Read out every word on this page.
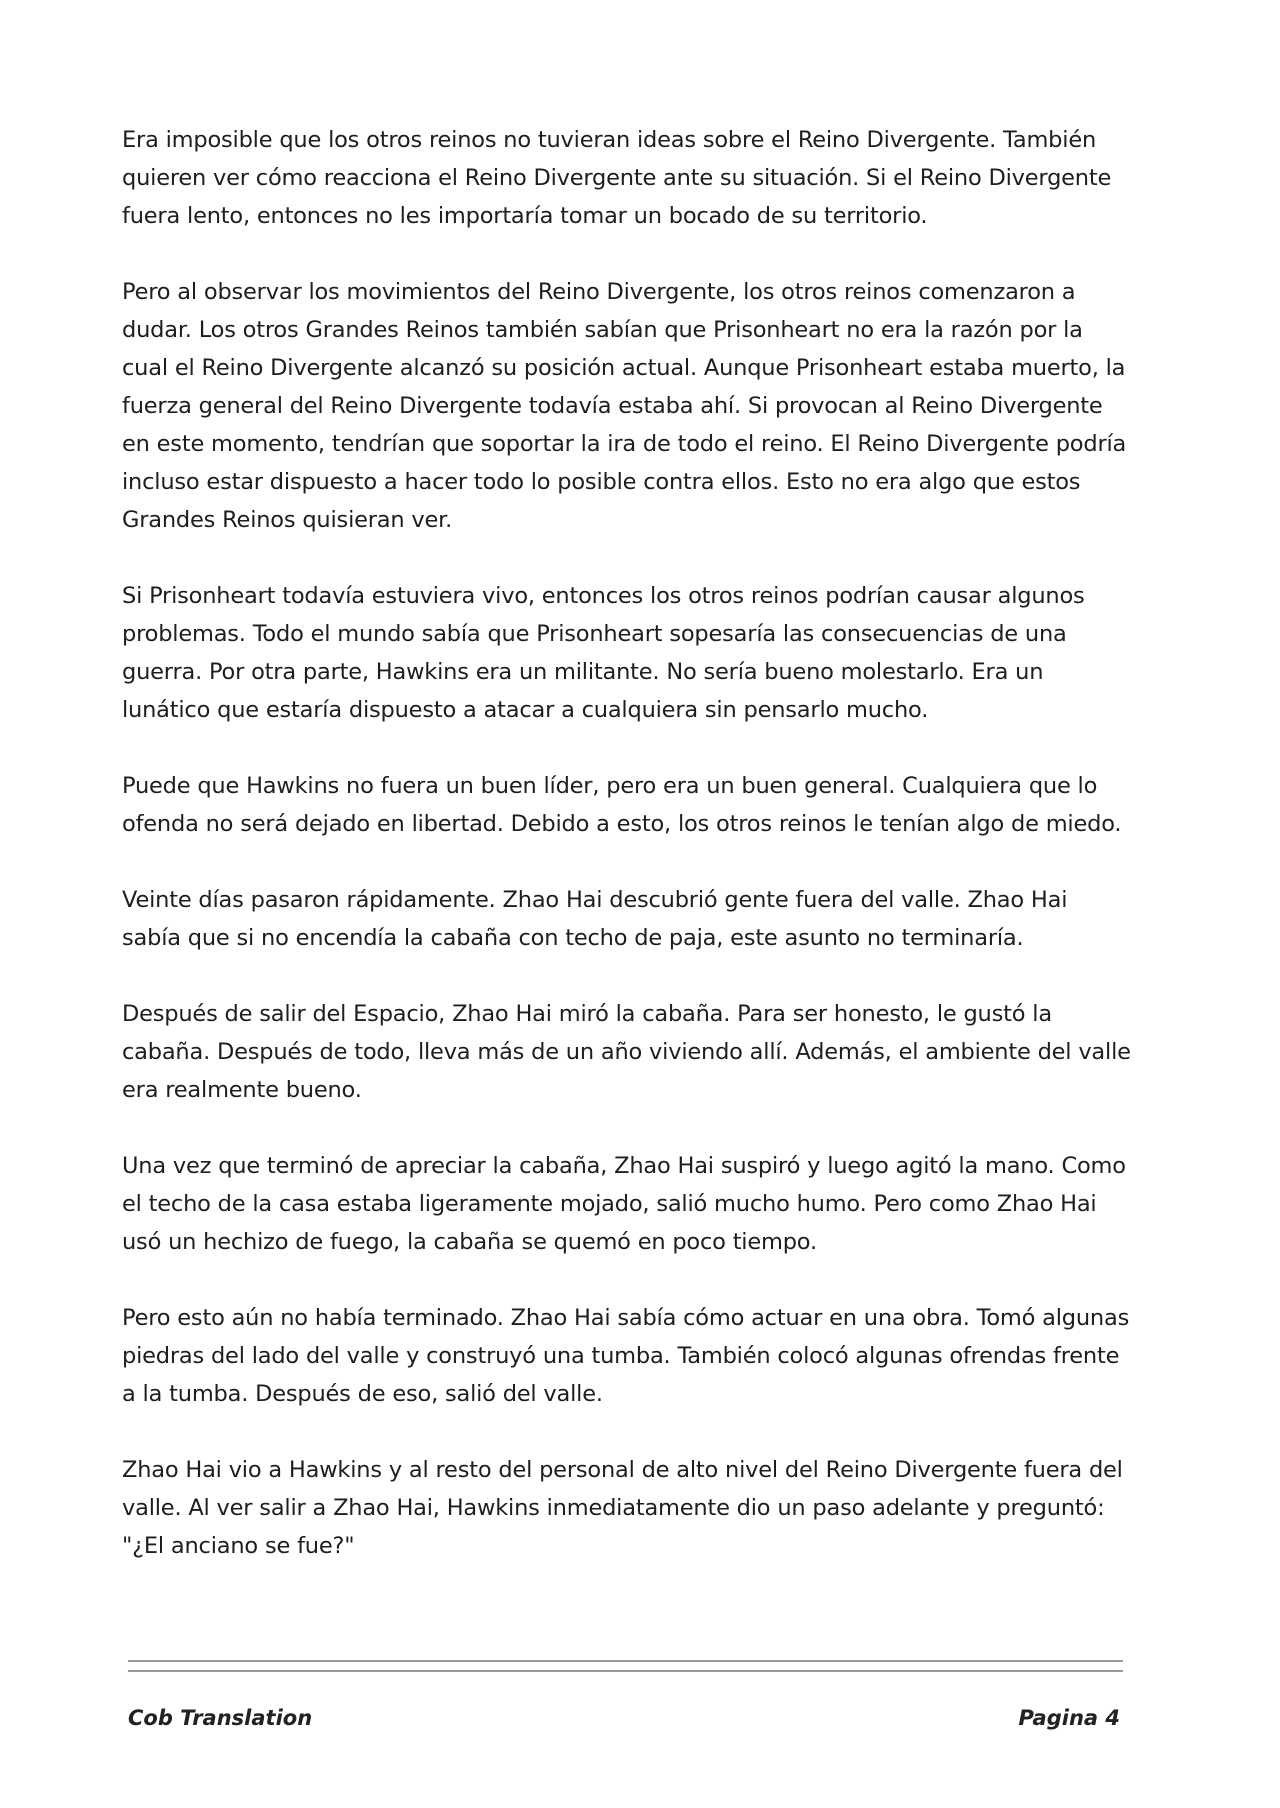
Era imposible que los otros reinos no tuvieran ideas sobre el Reino Divergente. También quieren ver cómo reacciona el Reino Divergente ante su situación. Si el Reino Divergente fuera lento, entonces no les importaría tomar un bocado de su territorio.

Pero al observar los movimientos del Reino Divergente, los otros reinos comenzaron a dudar. Los otros Grandes Reinos también sabían que Prisonheart no era la razón por la cual el Reino Divergente alcanzó su posición actual. Aunque Prisonheart estaba muerto, la fuerza general del Reino Divergente todavía estaba ahí. Si provocan al Reino Divergente en este momento, tendrían que soportar la ira de todo el reino. El Reino Divergente podría incluso estar dispuesto a hacer todo lo posible contra ellos. Esto no era algo que estos Grandes Reinos quisieran ver.

Si Prisonheart todavía estuviera vivo, entonces los otros reinos podrían causar algunos problemas. Todo el mundo sabía que Prisonheart sopesaría las consecuencias de una guerra. Por otra parte, Hawkins era un militante. No sería bueno molestarlo. Era un lunático que estaría dispuesto a atacar a cualquiera sin pensarlo mucho.

Puede que Hawkins no fuera un buen líder, pero era un buen general. Cualquiera que lo ofenda no será dejado en libertad. Debido a esto, los otros reinos le tenían algo de miedo.

Veinte días pasaron rápidamente. Zhao Hai descubrió gente fuera del valle. Zhao Hai sabía que si no encendía la cabaña con techo de paja, este asunto no terminaría.

Después de salir del Espacio, Zhao Hai miró la cabaña. Para ser honesto, le gustó la cabaña. Después de todo, lleva más de un año viviendo allí. Además, el ambiente del valle era realmente bueno.

Una vez que terminó de apreciar la cabaña, Zhao Hai suspiró y luego agitó la mano. Como el techo de la casa estaba ligeramente mojado, salió mucho humo. Pero como Zhao Hai usó un hechizo de fuego, la cabaña se quemó en poco tiempo.

Pero esto aún no había terminado. Zhao Hai sabía cómo actuar en una obra. Tomó algunas piedras del lado del valle y construyó una tumba. También colocó algunas ofrendas frente a la tumba. Después de eso, salió del valle.

Zhao Hai vio a Hawkins y al resto del personal de alto nivel del Reino Divergente fuera del valle. Al ver salir a Zhao Hai, Hawkins inmediatamente dio un paso adelante y preguntó: "¿El anciano se fue?"

Cob Translation	Pagina 4
